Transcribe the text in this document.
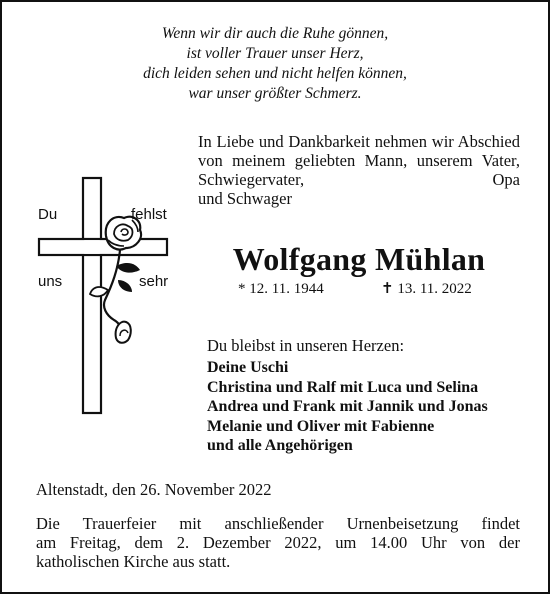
Wenn wir dir auch die Ruhe gönnen,
ist voller Trauer unser Herz,
dich leiden sehen und nicht helfen können,
war unser größter Schmerz.
In Liebe und Dankbarkeit nehmen wir Abschied von meinem geliebten Mann, unserem Vater, Schwiegervater, Opa
und Schwager
Du	fehlst
uns	sehr
Wolfgang Mühlan
* 12. 11. 1944	✝ 13. 11. 2022
Du bleibst in unseren Herzen:
Deine Uschi
Christina und Ralf mit Luca und Selina
Andrea und Frank mit Jannik und Jonas
Melanie und Oliver mit Fabienne
und alle Angehörigen
Altenstadt, den 26. November 2022
Die Trauerfeier mit anschließender Urnenbeisetzung findet
am Freitag, dem 2. Dezember 2022, um 14.00 Uhr von der
katholischen Kirche aus statt.
